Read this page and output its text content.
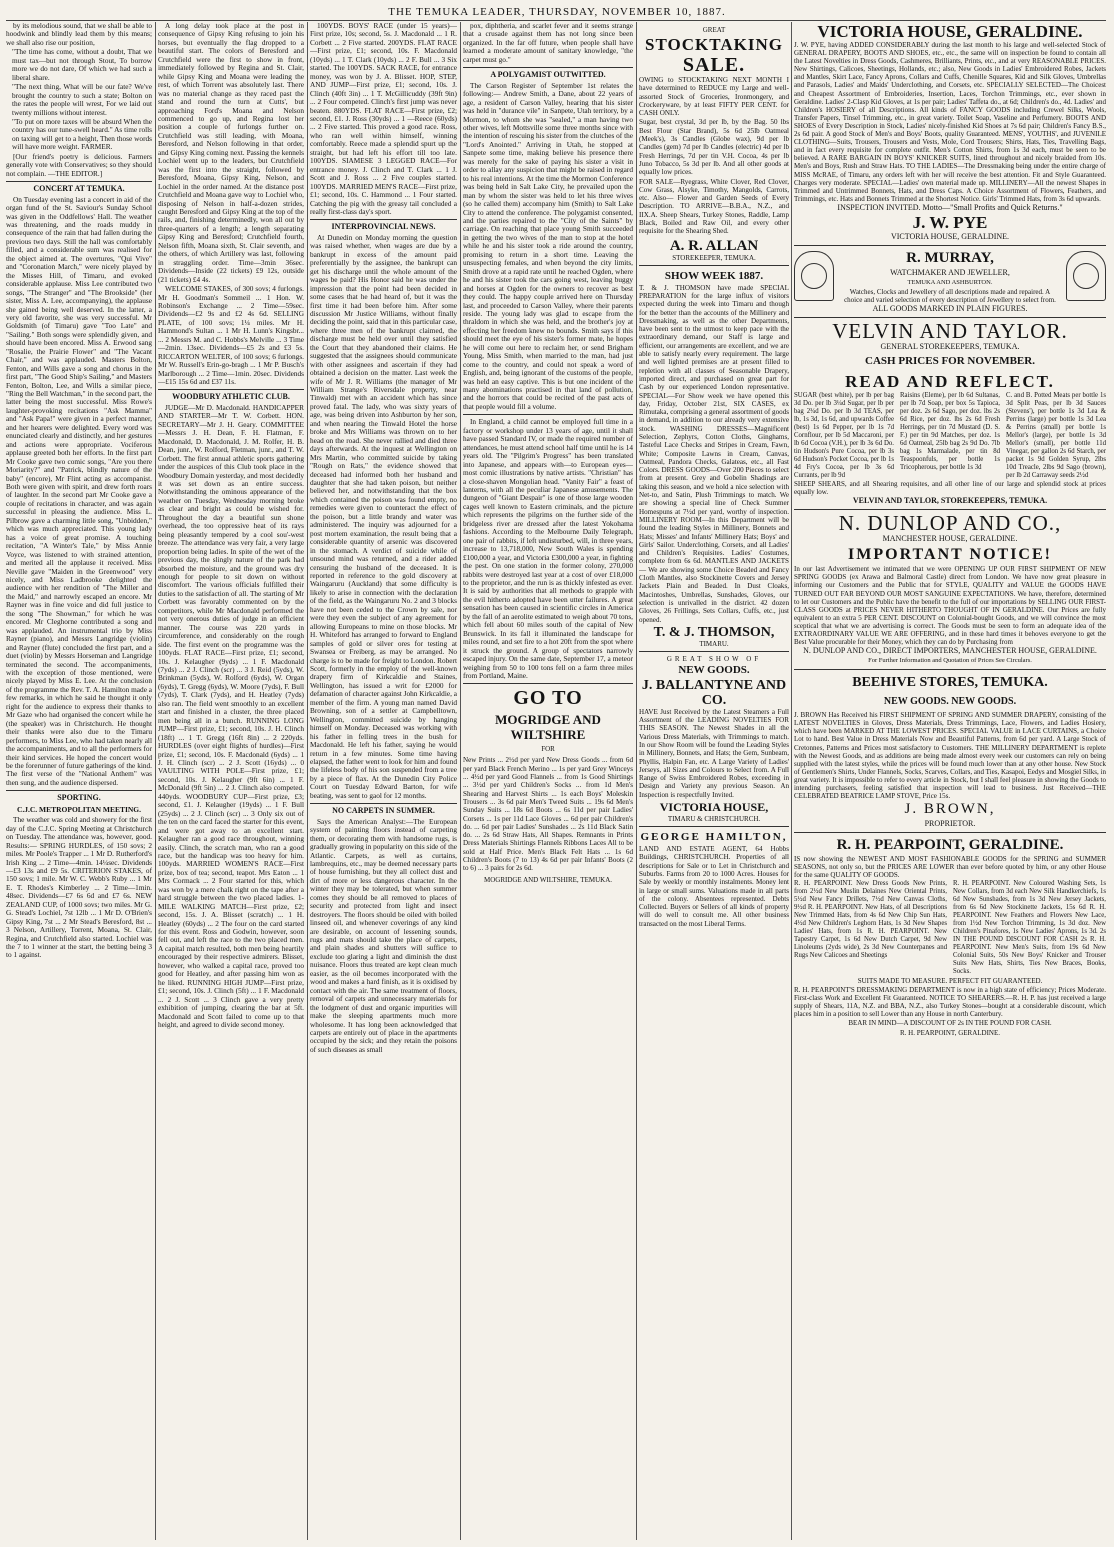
THE TEMUKA LEADER, THURSDAY, NOVEMBER 10, 1887.

by its melodious sound, that we shall be able to hoodwink and blindly lead them by this means; we shall also rise our position,

"The time has come, without a doubt, That we must tax—but not through Stout, To borrow more we do not dare, Of which we had such a liberal share.

"The next thing, What will be our fate? We've brought the country to such a state; Bolton on the rates the people will wrest, For we laid out twenty millions without interest.

"To put on more taxes will be absurd When the country has our tune-swell heard." As time rolls on taxing will get to a height, Then those words will have more weight. FARMER.

[Our friend's poetry is delicious. Farmers generally vote with Conservatives; so they should not complain. —THE EDITOR.]

CONCERT AT TEMUKA.

On Tuesday evening last a concert in aid of the organ fund of the St. Saviour's Sunday School was given in the Oddfellows' Hall. The weather was threatening, and the roads muddy in consequence of the rain that had fallen during the previous two days. Still the hall was comfortably filled, and a considerable sum was realised for the object aimed at. The overtures, "Qui Vive" and "Coronation March," were nicely played by the Misses Hill, of Timaru, and evoked considerable applause. Miss Lee contributed two songs, "The Stranger" and "The Brookside" (her sister, Miss A. Lee, accompanying), the applause she gained being well deserved. In the latter, a very old favorite, she was very successful. Mr Goldsmith (of Timaru) gave "Too Late" and "Sailing." Both songs were splendidly given, and should have been encored. Miss A. Erwood sang "Rosalie, the Prairie Flower" and "The Vacant Chair," and was applauded. Masters Bolton, Fenton, and Wills gave a song and chorus in the first part, "The Good Ship's Sailing," and Masters Fenton, Bolton, Lee, and Wills a similar piece, "Ring the Bell Watchman," in the second part, the latter being the most successful. Miss Rowe's laughter-provoking recitations "Ask Mamma" and "Ask Papa!" were given in a perfect manner, and her hearers were delighted. Every word was enunciated clearly and distinctly, and her gestures and actions were appropriate. Vociferous applause greeted both her efforts. In the first part Mr Cooke gave two comic songs, "Are you there Moriarity?" and "Patrick, blindly nature of the baby" (encore), Mr Flint acting as accompanist. Both were given with spirit, and drew forth roars of laughter. In the second part Mr Cooke gave a couple of recitations in character, and was again successful in pleasing the audience. Miss L. Pilbrow gave a charming little song, "Unbidden," which was much appreciated. This young lady has a voice of great promise. A touching recitation, "A Winter's Tale," by Miss Annie Voyce, was listened to with strained attention, and merited all the applause it received. Miss Neville gave "Maiden in the Greenwood" very nicely, and Miss Ladbrooke delighted the audience with her rendition of "The Miller and the Maid," and narrowly escaped an encore. Mr Rayner was in fine voice and did full justice to the song "The Showman," for which he was encored. Mr Cleghorne contributed a song and was applauded. An instrumental trio by Miss Rayner (piano), and Messrs Langridge (violin) and Rayner (flute) concluded the first part, and a duet (violin) by Messrs Horseman and Langridge terminated the second. The accompaniments, with the exception of those mentioned, were nicely played by Miss E. Lee. At the conclusion of the programme the Rev. T. A. Hamilton made a few remarks, in which he said he thought it only right for the audience to express their thanks to Mr Gaze who had organised the concert while he (the speaker) was in Christchurch. He thought their thanks were also due to the Timaru performers, to Miss Lee, who had taken nearly all the accompaniments, and to all the performers for their kind services. He hoped the concert would be the forerunner of future gatherings of the kind. The first verse of the "National Anthem" was then sung, and the audience dispersed.

SPORTING.
C.J.C. METROPOLITAN MEETING.

The weather was cold and showery for the first day of the C.J.C. Spring Meeting at Christchurch on Tuesday. The attendance was, however, good. Results:— SPRING HURDLES, of 150 sovs; 2 miles. Mr Poole's Trapper ... 1 Mr D. Rutherford's Irish King ... 2 Time—4min. 14¼sec. Dividends—£3 13s and £9 5s. CRITERION STAKES, of 150 sovs; 1 mile. Mr W. C. Webb's Ruby ... 1 Mr E. T. Rhodes's Kimberley ... 2 Time—1min. 48sec. Dividends—£7 6s 6d and £7 6s. NEW ZEALAND CUP, of 1000 sovs; two miles. Mr G. G. Stead's Lochiel, 7st 12lb ... 1 Mr D. O'Brien's Gipsy King, 7st ... 2 Mr Stead's Beresford, 8st ... 3 Nelson, Artillery, Torrent, Moana, St. Clair, Regina, and Crutchfield also started. Lochiel was the 7 to 1 winner at the start, the betting being 3 to 1 against.

A long delay took place at the post in consequence of Gipsy King refusing to join his horses, but eventually the flag dropped to a beautiful start. The colors of Beresford and Crutchfield were the first to show in front, immediately followed by Regina and St. Clair, while Gipsy King and Moana were leading the rest, of which Torrent was absolutely last. There was no material change as they raced past the stand and round the turn at Cutts', but approaching Ford's Moana and Nelson commenced to go up, and Regina lost her position a couple of furlongs further on. Crutchfield was still leading, with Moana, Beresford, and Nelson following in that order, and Gipsy King coming next. Passing the kennels Lochiel went up to the leaders, but Crutchfield was the first into the straight, followed by Beresford, Moana, Gipsy King, Nelson, and Lochiel in the order named. At the distance post Crutchfield and Moana gave way to Lochiel who, disposing of Nelson in half-a-dozen strides, caught Beresford and Gipsy King at the top of the rails, and, finishing determinedly, won all out by three-quarters of a length; a length separating Gipsy King and Beresford; Crutchfield fourth, Nelson fifth, Moana sixth, St. Clair seventh, and the others, of which Artillery was last, following in straggling order. Time—3min 36sec. Dividends—Inside (22 tickets) £9 12s, outside (21 tickets) £4 4s.

WELCOME STAKES, of 300 sovs; 4 furlongs. Mr H. Goodman's Sommeil ... 1 Hon. W. Robinson's Exchange ... 2 Time—59sec. Dividends—£2 9s and £2 4s 6d. SELLING PLATE, of 100 sovs; 1¼ miles. Mr H. Hammond's Sultan ... 1 Mr H. Lunn's Kingsbr... ... 2 Messrs M. and C. Hobbs's Melville ... 3 Time—2min. 13sec. Dividends—£5 2s and £3 5s. RICCARTON WELTER, of 100 sovs; 6 furlongs. Mr W. Russell's Erin-go-bragh ... 1 Mr P. Busch's Marlborough ... 2 Time—1min. 20sec. Dividends—£15 15s 6d and £37 11s.

WOODBURY ATHLETIC CLUB.

JUDGE—Mr D. Macdonald. HANDICAPPER AND STARTER—Mr T. W. Corbett. HON. SECRETARY—Mr J. H. Geary. COMMITTEE—Messrs J. H. Dean, F. H. Flatman, F. Macdonald, D. Macdonald, J. M. Rolfer, H. B. Dean, junr., W. Rolford, Fletman, junr., and T. W. Corbett. The first annual athletic sports gathering under the auspices of this Club took place in the Woodbury Domain yesterday, and most decidedly it was set down as an entire success. Notwithstanding the ominous appearance of the weather on Tuesday, Wednesday morning broke as clear and bright as could be wished for. Throughout the day a beautiful sun shone overhead, the too oppressive heat of its rays being pleasantly tempered by a cool sou'-west breeze. The attendance was very fair, a very large proportion being ladies. In spite of the wet of the previous day, the slingly nature of the park had absorbed the moisture, and the ground was dry enough for people to sit down on without discomfort. The various officials fulfilled their duties to the satisfaction of all. The starting of Mr Corbett was favorably commented on by the competitors, while Mr Macdonald performed the not very onerous duties of judge in an efficient manner. The course was 220 yards in circumference, and considerably on the rough side. The first event on the programme was the 100yds. FLAT RACE—First prize, £1; second, 10s. J. Kelaugher (9yds) ... 1 F. Macdonald (7yds) ... 2 J. Clinch (scr) ... 3 J. Reid (5yds), W. Brinkman (5yds), W. Rolford (6yds), W. Organ (6yds), T. Gregg (6yds), W. Moore (7yds), F. Bull (7yds), T. Clark (7yds), and H. Heatley (7yds) also ran. The field went smoothly to an excellent start and finished in a cluster, the three placed men being all in a bunch. RUNNING LONG JUMP—First prize, £1; second, 10s. J. H. Clinch (18ft) ... 1 T. Gregg (16ft 8in) ... 2 220yds. HURDLES (over eight flights of hurdles)—First prize, £1; second, 10s. F. Macdonald (6yds) ... 1 J. H. Clinch (scr) ... 2 J. Scott (16yds) ... 0 VAULTING WITH POLE—First prize, £1; second, 10s. J. Kelaugher (9ft 6in) ... 1 F. McDonald (9ft 5in) ... 2 J. Clinch also competed. 440yds. WOODBURY CUP—First prize, £3; second, £1. J. Kelaugher (19yds) ... 1 F. Bull (25yds) ... 2 J. Clinch (scr) ... 3 Only six out of the ten on the card faced the starter for this event, and were got away to an excellent start. Kelaugher ran a good race throughout, winning easily. Clinch, the scratch man, who ran a good race, but the handicap was too heavy for him. 100yds. MARRIED WOMEN'S RACE—First prize, box of tea; second, teapot. Mrs Eaton ... 1 Mrs Cormack ... 2 Four started for this, which was won by a mere chalk right on the tape after a hard struggle between the two placed ladies. 1-MILE WALKING MATCH—First prize, £2; second, 15s. J. A. Blisset (scratch) ... 1 H. Heatley (60yds) ... 2 The four on the card started for this event. Ross and Godwin, however, soon fell out, and left the race to the two placed men. A capital match resulted, both men being heartily encouraged by their respective admirers. Blisset, however, who walked a capital race, proved too good for Heatley, and after passing him won as he liked. RUNNING HIGH JUMP—First prize, £1; second, 10s. J. Clinch (5ft) ... 1 F. Macdonald ... 2 J. Scott ... 3 Clinch gave a very pretty exhibition of jumping, clearing the bar at 5ft. Macdonald and Scott failed to come up to that height, and agreed to divide second money.

100YDS. BOYS' RACE (under 15 years)—First prize, 10s; second, 5s. J. Macdonald ... 1 R. Corbett ... 2 Five started. 200YDS. FLAT RACE—First prize, £1; second, 10s. F. Macdonald (10yds) ... 1 T. Clark (10yds) ... 2 F. Bull ... 3 Six started. The 100YDS. SACK RACE, for entrance money, was won by J. A. Blisset. HOP, STEP, AND JUMP—First prize, £1; second, 10s. J. Clinch (40ft 3in) ... 1 T. McGillicuddy (39ft 9in) ... 2 Four competed. Clinch's first jump was never beaten. 880YDS. FLAT RACE—First prize, £2; second, £1. J. Ross (30yds) ... 1 —Reece (60yds) ... 2 Five started. This proved a good race. Ross, who ran well within himself, winning comfortably. Reece made a splendid spurt up the straight, but had left his effort till too late. 100YDS. SIAMESE 3 LEGGED RACE—For entrance money. J. Clinch and T. Clark ... 1 J. Scott and J. Ross ... 2 Five couples started. 100YDS. MARRIED MEN'S RACE—First prize, £1; second, 10s. C. Hammond ... 1 Four started. Catching the pig with the greasy tail concluded a really first-class day's sport.

INTERPROVINCIAL NEWS.

At Dunedin on Monday morning the question was raised whether, when wages are due by a bankrupt in excess of the amount paid preferentially by the assignee, the bankrupt can get his discharge until the whole amount of the wages be paid? His Honor said he was under the impression that the point had been decided in some cases that he had heard of, but it was the first time it had been before him. After some discussion Mr Justice Williams, without finally deciding the point, said that in this particular case, where three men of the bankrupt claimed, the discharge must be held over until they satisfied the Court that they abandoned their claims. He suggested that the assignees should communicate with other assignees and ascertain if they had obtained a decision on the matter. Last week the wife of Mr J. R. Williams (the manager of Mr William Strange's Riversdale property, near Tinwald) met with an accident which has since proved fatal. The lady, who was sixty years of age, was being driven into Ashburton by her son, and when nearing the Tinwald Hotel the horse broke and Mrs Williams was thrown on to her head on the road. She never rallied and died three days afterwards. At the inquest at Wellington on Mrs Martin, who committed suicide by taking "Rough on Rats," the evidence showed that deceased had informed both her husband and daughter that she had taken poison, but neither believed her, and notwithstanding that the box which contained the poison was found empty, no remedies were given to counteract the effect of the poison, but a little brandy and water was administered. The inquiry was adjourned for a post mortem examination, the result being that a considerable quantity of arsenic was discovered in the stomach. A verdict of suicide while of unsound mind was returned, and a rider added censuring the husband of the deceased. It is reported in reference to the gold discovery at Waingaruru (Auckland) that some difficulty is likely to arise in connection with the declaration of the field, as the Waingaruru No. 2 and 3 blocks have not been ceded to the Crown by sale, nor were they even the subject of any agreement for allowing Europeans to mine on those blocks. Mr H. Whiteford has arranged to forward to England samples of gold or silver ores for testing at Swansea or Freiberg, as may be arranged. No charge is to be made for freight to London. Robert Scott, formerly in the employ of the well-known drapery firm of Kirkcaldie and Staines, Wellington, has issued a writ for £2000 for defamation of character against John Kirkcaldie, a member of the firm. A young man named David Browning, son of a settler at Campbelltown, Wellington, committed suicide by hanging himself on Monday. Deceased was working with his father in felling trees in the bush for Macdonald. He left his father, saying he would return in a few minutes. Some time having elapsed, the father went to look for him and found the lifeless body of his son suspended from a tree by a piece of flax. At the Dunedin City Police Court on Tuesday Edward Barton, for wife beating, was sent to gaol for 12 months.

NO CARPETS IN SUMMER.

Says the American Analyst:—The European system of painting floors instead of carpeting them, or decorating them with handsome rugs, is gradually growing in popularity on this side of the Atlantic. Carpets, as well as curtains, lambrequins, etc., may be deemed necessary parts of house furnishing, but they all collect dust and dirt of more or less dangerous character. In the winter they may be tolerated, but when summer comes they should be all removed to places of security and protected from light and insect destroyers. The floors should be oiled with boiled linseed oil, and whenever coverings of any kind are desirable, on account of lessening sounds, rugs and mats should take the place of carpets, and plain shades and shutters will suffice to exclude too glaring a light and diminish the dust nuisance. Floors thus treated are kept clean much easier, as the oil becomes incorporated with the wood and makes a hard finish, as it is oxidised by contact with the air. The same treatment of floors, removal of carpets and unnecessary materials for the lodgment of dust and organic impurities will make the sleeping apartments much more wholesome. It has long been acknowledged that carpets are entirely out of place in the apartments occupied by the sick; and they retain the poisons of such diseases as small

pox, diphtheria, and scarlet fever and it seems strange that a crusade against them has not long since been organized. In the far off future, when people shall have learned a moderate amount of sanitary knowledge, "the carpet must go."

A POLYGAMIST OUTWITTED.

The Carson Register of September 1st relates the following:— Andrew Smith, a Dane, about 22 years of age, a resident of Carson Valley, hearing that his sister was held in "durance vile" in Sanpete, Utah territory, by a Mormon, to whom she was "sealed," a man having two other wives, left Mottsville some three months since with the intention of rescuing his sister from the clutches of the "Lord's Anointed." Arriving in Utah, he stopped at Sanpete some time, making believe his presence there was merely for the sake of paying his sister a visit in order to allay any suspicion that might be raised in regard to his real intentions. At the time the Mormon Conference was being held in Salt Lake City, he prevailed upon the man by whom the sister was held to let his three wives (so he called them) accompany him (Smith) to Salt Lake City to attend the conference. The polygamist consented, and the parties repaired to the "City of the Saints" by carriage. On reaching that place young Smith succeeded in getting the two wives of the man to stop at the hotel while he and his sister took a ride around the country, promising to return in a short time. Leaving the unsuspecting females, and when beyond the city limits, Smith drove at a rapid rate until he reached Ogden, where he and his sister took the cars going west, leaving buggy and horses at Ogden for the owners to recover as best they could. The happy couple arrived here on Thursday last, and proceeded to Carson Valley, where their parents reside. The young lady was glad to escape from the thraldom in which she was held, and the brother's joy at effecting her freedom knew no bounds. Smith says if this should meet the eye of his sister's former mate, he hopes he will come out here to reclaim her, or send Brigham Young, Miss Smith, when married to the man, had just come to the country, and could not speak a word of English, and, being ignorant of the customs of the people, was held an easy captive. This is but one incident of the many abominations practised in that land of pollution, and the horrors that could be recited of the past acts of that people would fill a volume.

In England, a child cannot be employed full time in a factory or workshop under 13 years of age, until it shall have passed Standard IV, or made the required number of attendances, he must attend school half time until he is 14 years old. The "Pilgrim's Progress" has been translated into Japanese, and appears with—to European eyes—most comic illustrations by native artists. "Christian" has a close-shaven Mongolian head. "Vanity Fair" a feast of lanterns, with all the peculiar Japanese amusements. The dungeon of "Giant Despair" is one of those large wooden cages well known to Eastern criminals, and the picture which represents the pilgrims on the further side of the bridgeless river are dressed after the latest Yokohama fashions. According to the Melbourne Daily Telegraph, one pair of rabbits, if left undisturbed, will, in three years, increase to 13,718,000, New South Wales is spending £100,000 a year, and Victoria £300,000 a year, in fighting the pest. On one station in the former colony, 270,000 rabbits were destroyed last year at a cost of over £18,000 to the proprietor, and the run is as thickly infested as ever. It is said by authorities that all methods to grapple with the evil hitherto adopted have been utter failures. A great sensation has been caused in scientific circles in America by the fall of an aerolite estimated to weigh about 70 tons, which fell about 60 miles south of the capital of New Brunswick. In its fall it illuminated the landscape for miles round, and set fire to a hot 20ft from the spot where it struck the ground. A group of spectators narrowly escaped injury. On the same date, September 17, a meteor weighing from 50 to 100 tons fell on a farm three miles from Portland, Maine.

GO TO
MOGRIDGE AND WILTSHIRE
FOR

New Prints ... 2½d per yard New Dress Goods ... from 6d per yard Black French Merino ... 1s per yard Grey Winceys ... 4½d per yard Good Flannels ... from 1s Good Shirtings ... 3½d per yard Children's Socks ... from 1d Men's Shearing and Harvest Shirts ... 1s each Boys' Moleskin Trousers ... 3s 6d pair Men's Tweed Suits ... 19s 6d Men's Sunday Suits ... 18s 6d Boots ... 6s 11d per pair Ladies' Corsets ... 1s per 11d Lace Gloves ... 6d per pair Children's do. ... 6d per pair Ladies' Sunshades ... 2s 11d Black Satin do. ... 2s 6d Straw Hats, All Shapes. Remnants in Prints Dress Materials Shirtings Flannels Ribbons Laces All to be sold at Half Price. Men's Black Felt Hats ... 1s 6d Children's Boots (7 to 13) 4s 6d per pair Infants' Boots (2 to 6) ... 3 pairs for 2s 6d.

MOGRIDGE AND WILTSHIRE, TEMUKA.
GREAT
STOCKTAKING
SALE.

OWING to STOCKTAKING NEXT MONTH I have determined to REDUCE my Large and well-assorted Stock of Groceries, Ironmongery, and Crockeryware, by at least FIFTY PER CENT. for CASH ONLY.

Sugar, best crystal, 3d per lb, by the Bag. 50 lbs Best Flour (Star Brand), 5s 6d 25lb Oatmeal (Meek's), 3s Candles (Globe wax), 9d per lb Candles (gem) 7d per lb Candles (electric) 4d per lb Fresh Herrings, 7d per tin V.H. Cocoa, 4s per lb Juno Tobacco, 5s 3d per lb. And all other goods at equally low prices.

FOR SALE—Ryegrass, White Clover, Red Clover, Cow Grass, Alsyke, Timothy, Mangolds, Carrots, etc. Also— Flower and Garden Seeds of Every Description. TO ARRIVE—B.B.A., N.Z., and IIX.A. Sheep Shears, Turkey Stones, Raddle, Lamp Black, Boiled and Raw Oil, and every other requisite for the Shearing Shed.

A. R. ALLAN
STOREKEEPER, TEMUKA.
SHOW WEEK 1887.

T. & J. THOMSON have made SPECIAL PREPARATION for the large influx of visitors expected during the week into Timaru and though for the better than the accounts of the Millinery and Dressmaking, as well as the other Departments, have been sent to the utmost to keep pace with the extraordinary demand, our Staff is large and efficient, our arrangements are excellent, and we are able to satisfy nearly every requirement. The large and well lighted premises are at present filled to repletion with all classes of Seasonable Drapery, imported direct, and purchased on great part for Cash by our experienced London representative. SPECIAL—For Show week we have opened this day, Friday, October 21st, SIX CASES, ex Rimutaka, comprising a general assortment of goods in demand, in addition to our already very extensive stock. WASHING DRESSES—Magnificent Selection, Zephyrs, Cotton Cloths, Ginghams, Tasteful Lace Checks and Stripes in Cream, Fawn, White; Composite Lawns in Cream, Canvas, Oatmeal, Pandora Checks, Galateas, etc., all Fast Colors. DRESS GOODS—Over 200 Pieces to select from at present. Grey and Gobelin Shadings are taking this season, and we hold a nice selection with Net-to, and Satin, Plush Trimmings to match. We are showing a special line of Check Summer Homespuns at 7½d per yard, worthy of inspection. MILLINERY ROOM—In this Department will be found the leading Styles in Millinery, Bonnets and Hats; Misses' and Infants' Millinery Hats; Boys' and Girls' Sailor. Underclothing, Corsets, and all Ladies' and Children's Requisites. Ladies' Costumes, complete from 6s 6d. MANTLES AND JACKETS — We are showing some Choice Beaded and Fancy Cloth Mantles, also Stockinette Covers and Jersey Jackets Plain and Beaded. In Dust Cloaks, Macintoshes, Umbrellas, Sunshades, Gloves, our selection is unrivalled in the district. 42 dozen Gloves, 26 Frillings, Sets Collars, Cuffs, etc., just opened.

T. & J. THOMSON,
TIMARU.
GREAT SHOW OF
NEW GOODS.
J. BALLANTYNE AND CO.

HAVE Just Received by the Latest Steamers a Full Assortment of the LEADING NOVELTIES FOR THIS SEASON. The Newest Shades in all the Various Dress Materials, with Trimmings to match. In our Show Room will be found the Leading Styles in Millinery, Bonnets, and Hats; the Gem, Sunbeam, Phyllis, Halpin Fan, etc. A Large Variety of Ladies' Jerseys, all Sizes and Colours to Select from. A Full Range of Swiss Embroidered Robes, exceeding in Design and Variety any previous Season. An Inspection is respectfully Invited.

VICTORIA HOUSE,
TIMARU & CHRISTCHURCH.
GEORGE HAMILTON,

LAND AND ESTATE AGENT, 64 Hobbs Buildings, CHRISTCHURCH. Properties of all descriptions for Sale or to Let in Christchurch and Suburbs. Farms from 20 to 1000 Acres. Houses for Sale by weekly or monthly instalments. Money lent in large or small sums. Valuations made in all parts of the colony. Absentees represented. Debts Collected. Buyers or Sellers of all kinds of property will do well to consult me. All other business transacted on the most Liberal Terms.

VICTORIA HOUSE, GERALDINE.
J. W. PYE, having ADDED CONSIDERABLY during the last month to his large and well-selected Stock of GENERAL DRAPERY, BOOTS AND SHOES, etc., etc., the same will on inspection be found to contain all the Latest Novelties in Dress Goods, Cashmeres, Brilliants, Prints, etc., and at very REASONABLE PRICES. New Shirtings, Calicoes, Sheetings, Hollands, etc.; also, New Goods in Ladies' Embroidered Robes, Jackets and Mantles, Skirt Lace, Fancy Aprons, Collars and Cuffs, Chenille Squares, Kid and Silk Gloves, Umbrellas and Parasols, Ladies' and Maids' Underclothing, and Corsets, etc. SPECIALLY SELECTED—The Choicest and Cheapest Assortment of Embroideries, Insertion, Laces, Torchon Trimmings, etc., ever shown in Geraldine. Ladies' 2-Clasp Kid Gloves, at 1s per pair; Ladies' Taffeta do., at 6d; Children's do., 4d. Ladies' and Children's HOSIERY of all Descriptions. All kinds of FANCY GOODS including Crewel Silks, Wools, Transfer Papers, Tinsel Trimming, etc., in great variety. Toilet Soap, Vaseline and Perfumery. BOOTS AND SHOES of Every Description in Stock, Ladies' nicely-finished Kid Shoes at 7s 6d pair; Children's Fancy B.S., 2s 6d pair. A good Stock of Men's and Boys' Boots, quality Guaranteed. MENS', YOUTHS', and JUVENILE CLOTHING—Suits, Trousers, Trousers and Vests, Mole, Cord Trousers; Shirts, Hats, Ties, Travelling Bags, and in fact every requisite for complete outfit. Men's Cotton Shirts, from 1s 3d each, must be seen to be believed. A RARE BARGAIN IN BOYS' KNICKER SUITS, lined throughout and nicely braided from 10s. Men's and Boys, Rush and Straw Hats. TO THE LADIES—The Dressmaking being under the entire charge of MISS McRAE, of Timaru, any orders left with her will receive the best attention. Fit and Style Guaranteed. Charges very moderate. SPECIAL—Ladies' own material made up. MILLINERY—All the newest Shapes in Trimmed and Untrimmed Bonnets, Hats, and Dress Caps. A Choice Assortment of Flowers, Feathers, and Trimmings, etc. Hats and Bonnets Trimmed at the Shortest Notice. Girls' Trimmed Hats, from 3s 6d upwards.
INSPECTION INVITED. Motto—"Small Profits and Quick Returns."
J. W. PYE
VICTORIA HOUSE, GERALDINE.
R. MURRAY,
WATCHMAKER AND JEWELLER,
TEMUKA AND ASHBURTON.
Watches, Clocks and Jewellery of all descriptions made and repaired. A choice and varied selection of every description of Jewellery to select from.
ALL GOODS MARKED IN PLAIN FIGURES.
VELVIN AND TAYLOR.
GENERAL STOREKEEPERS, TEMUKA.
CASH PRICES FOR NOVEMBER.
READ AND REFLECT.
SUGAR (best white), per lb per bag 3d Do. per lb 3¼d Sugar, per lb per bag 2¾d Do. per lb 3d TEAS, per lb, 1s 3d, 1s 6d, and upwards Coffee (best) 1s 6d Pepper, per lb 1s 7d Cornflour, per lb 5d Maccaroni, per lb 6d Cocoa (V.H.), per lb 3s 6d Do. tin Hudson's Pure Cocoa, per lb 3s 6d Hudson's Pocket Cocoa, per lb 1s 4d Fry's Cocoa, per lb 3s 6d Currants, per lb 9d
Raisins (Eleme), per lb 6d Sultanas, per lb 7d Soap, per box 5s Tapioca, per doz. 2s 6d Sago, per doz. lbs 2s 6d Rice, per doz. lbs 2s 6d Fresh Herrings, per tin 7d Mustard (D. S. F.) per tin 9d Matches, per doz. 1s 6d Oatmeal, 25lb bag 2s 9d Do. 7lb bag 1s Marmalade, per tin 8d Teaspoonfuls, per bottle 1s Tricopherous, per bottle 1s 3d
C. and B. Potted Meats per bottle 1s 3d Split Peas, per lb 3d Sauces (Stevens'), per bottle 1s 3d Lea & Perrins (large) per bottle 1s 3d Lea & Perrins (small) per bottle 1s Mellor's (large), per bottle 1s 3d Mellor's (small), per bottle 11d Vinegar, per gallon 2s 6d Starch, per packet 1s 9d Golden Syrup, 2lbs 10d Treacle, 2lbs 9d Sago (brown), per lb 2d Carraway seeds 2½d
SHEEP SHEARS, and all Shearing requisites, and all other line of our large and splendid stock at prices equally low.
VELVIN AND TAYLOR, STOREKEEPERS, TEMUKA.
N. DUNLOP AND CO.,
MANCHESTER HOUSE, GERALDINE.
IMPORTANT NOTICE!
In our last Advertisement we intimated that we were OPENING UP OUR FIRST SHIPMENT OF NEW SPRING GOODS (ex Arawa and Balmoral Castle) direct from London. We have now great pleasure in informing our Customers and the Public that for STYLE, QUALITY and VALUE the GOODS HAVE TURNED OUT FAR BEYOND OUR MOST SANGUINE EXPECTATIONS. We have, therefore, determined to let our Customers and the Public have the benefit to the full of our importations by SELLING OUR FIRST-CLASS GOODS at PRICES NEVER HITHERTO THOUGHT OF IN GERALDINE. Our Prices are fully equivalent to an extra 5 PER CENT. DISCOUNT on Colonial-bought Goods, and we will convince the most sceptical that what we are advertising is correct. The Goods must be seen to form an adequate idea of the EXTRAORDINARY VALUE WE ARE OFFERING, and in these hard times it behoves everyone to get the Best Value procurable for their Money, which they can do by Purchasing from
N. DUNLOP AND CO., DIRECT IMPORTERS, MANCHESTER HOUSE, GERALDINE.
For Further Information and Quotation of Prices See Circulars.
BEEHIVE STORES, TEMUKA.
NEW GOODS. NEW GOODS.
J. BROWN Has Received his FIRST SHIPMENT OF SPRING AND SUMMER DRAPERY, consisting of the LATEST NOVELTIES in Gloves, Dress Materials, Dress Trimmings, Lace, Flowers, and Ladies Hosiery, which have been MARKED AT THE LOWEST PRICES. SPECIAL VALUE in LACE CURTAINS, a Choice Lot to hand. Best Value in Dress Materials Now and Beautiful Patterns, from 6d per yard. A Large Stock of Cretonnes, Patterns and Prices most satisfactory to Customers. THE MILLINERY DEPARTMENT is replete with the Newest Goods, and as additions are being made almost every week our customers can rely on being supplied with the latest styles, while the prices will be found much lower than at any other house. New Stock of Gentlemen's Shirts, Under Flannels, Socks, Scarves, Collars, and Ties, Kasapoi, Eedys and Mosgiel Silks, in great variety. It is impossible to refer to every article in Stock, but I shall feel pleasure in showing the Goods to intending purchasers, feeling satisfied that inspection will lead to business. Just Received—THE CELEBRATED BEATRICE LAMP STOVE, Price 15s.
J. BROWN,
PROPRIETOR.
R. H. PEARPOINT, GERALDINE.
IS now showing the NEWEST AND MOST FASHIONABLE GOODS for the SPRING and SUMMER SEASONS, not only so, but the PRICES ARE LOWER than ever before quoted by him, or any other House for the same QUALITY OF GOODS.
R. H. PEARPOINT. New Dress Goods New Prints, from 2½d New Muslin Delaines New Oriental Prints, 5½d New Fancy Drillets, 7½d New Canvas Cloths, 9½d R. H. PEARPOINT. New Hats, of all Descriptions New Trimmed Hats, from 4s 6d New Chip Sun Hats, 4½d New Children's Leghorn Hats, 1s 3d New Shapes Ladies' Hats, from 1s R. H. PEARPOINT. New Tapestry Carpet, 1s 6d New Dutch Carpet, 9d New Linoleums (2yds wide), 2s 3d New Counterpanes and Rugs New Calicoes and Sheetings
R. H. PEARPOINT. New Coloured Washing Sets, 1s New Collars, from 3d each New Silk Handkerchiefs, 1s 6d New Sunshades, from 1s 3d New Jersey Jackets, from 6s 6d New Stockinette Jackets, 15s 6d R. H. PEARPOINT. New Feathers and Flowers New Lace, from 1½d New Torchon Trimming, 1s 3d doz. New Children's Pinafores, 1s New Ladies' Aprons, 1s 3d. 2s IN THE POUND DISCOUNT FOR CASH 2s R. H. PEARPOINT. New Men's Suits, from 19s 6d New Colonial Suits, 50s New Boys' Knicker and Trouser Suits New Hats, Shirts, Ties New Braces, Books, Socks.
SUITS MADE TO MEASURE. PERFECT FIT GUARANTEED.
R. H. PEARPOINT'S DRESSMAKING DEPARTMENT is now in a high state of efficiency; Prices Moderate. First-class Work and Excellent Fit Guaranteed. NOTICE TO SHEARERS.—R. H. P. has just received a large supply of Shears, 11A, N.Z. and BBA, N.Z., also Turkey Stones—bought at a considerable discount, which places him in a position to sell Lower than any House in north Canterbury.
BEAR IN MIND—A DISCOUNT OF 2s IN THE POUND FOR CASH.
R. H. PEARPOINT, GERALDINE.
